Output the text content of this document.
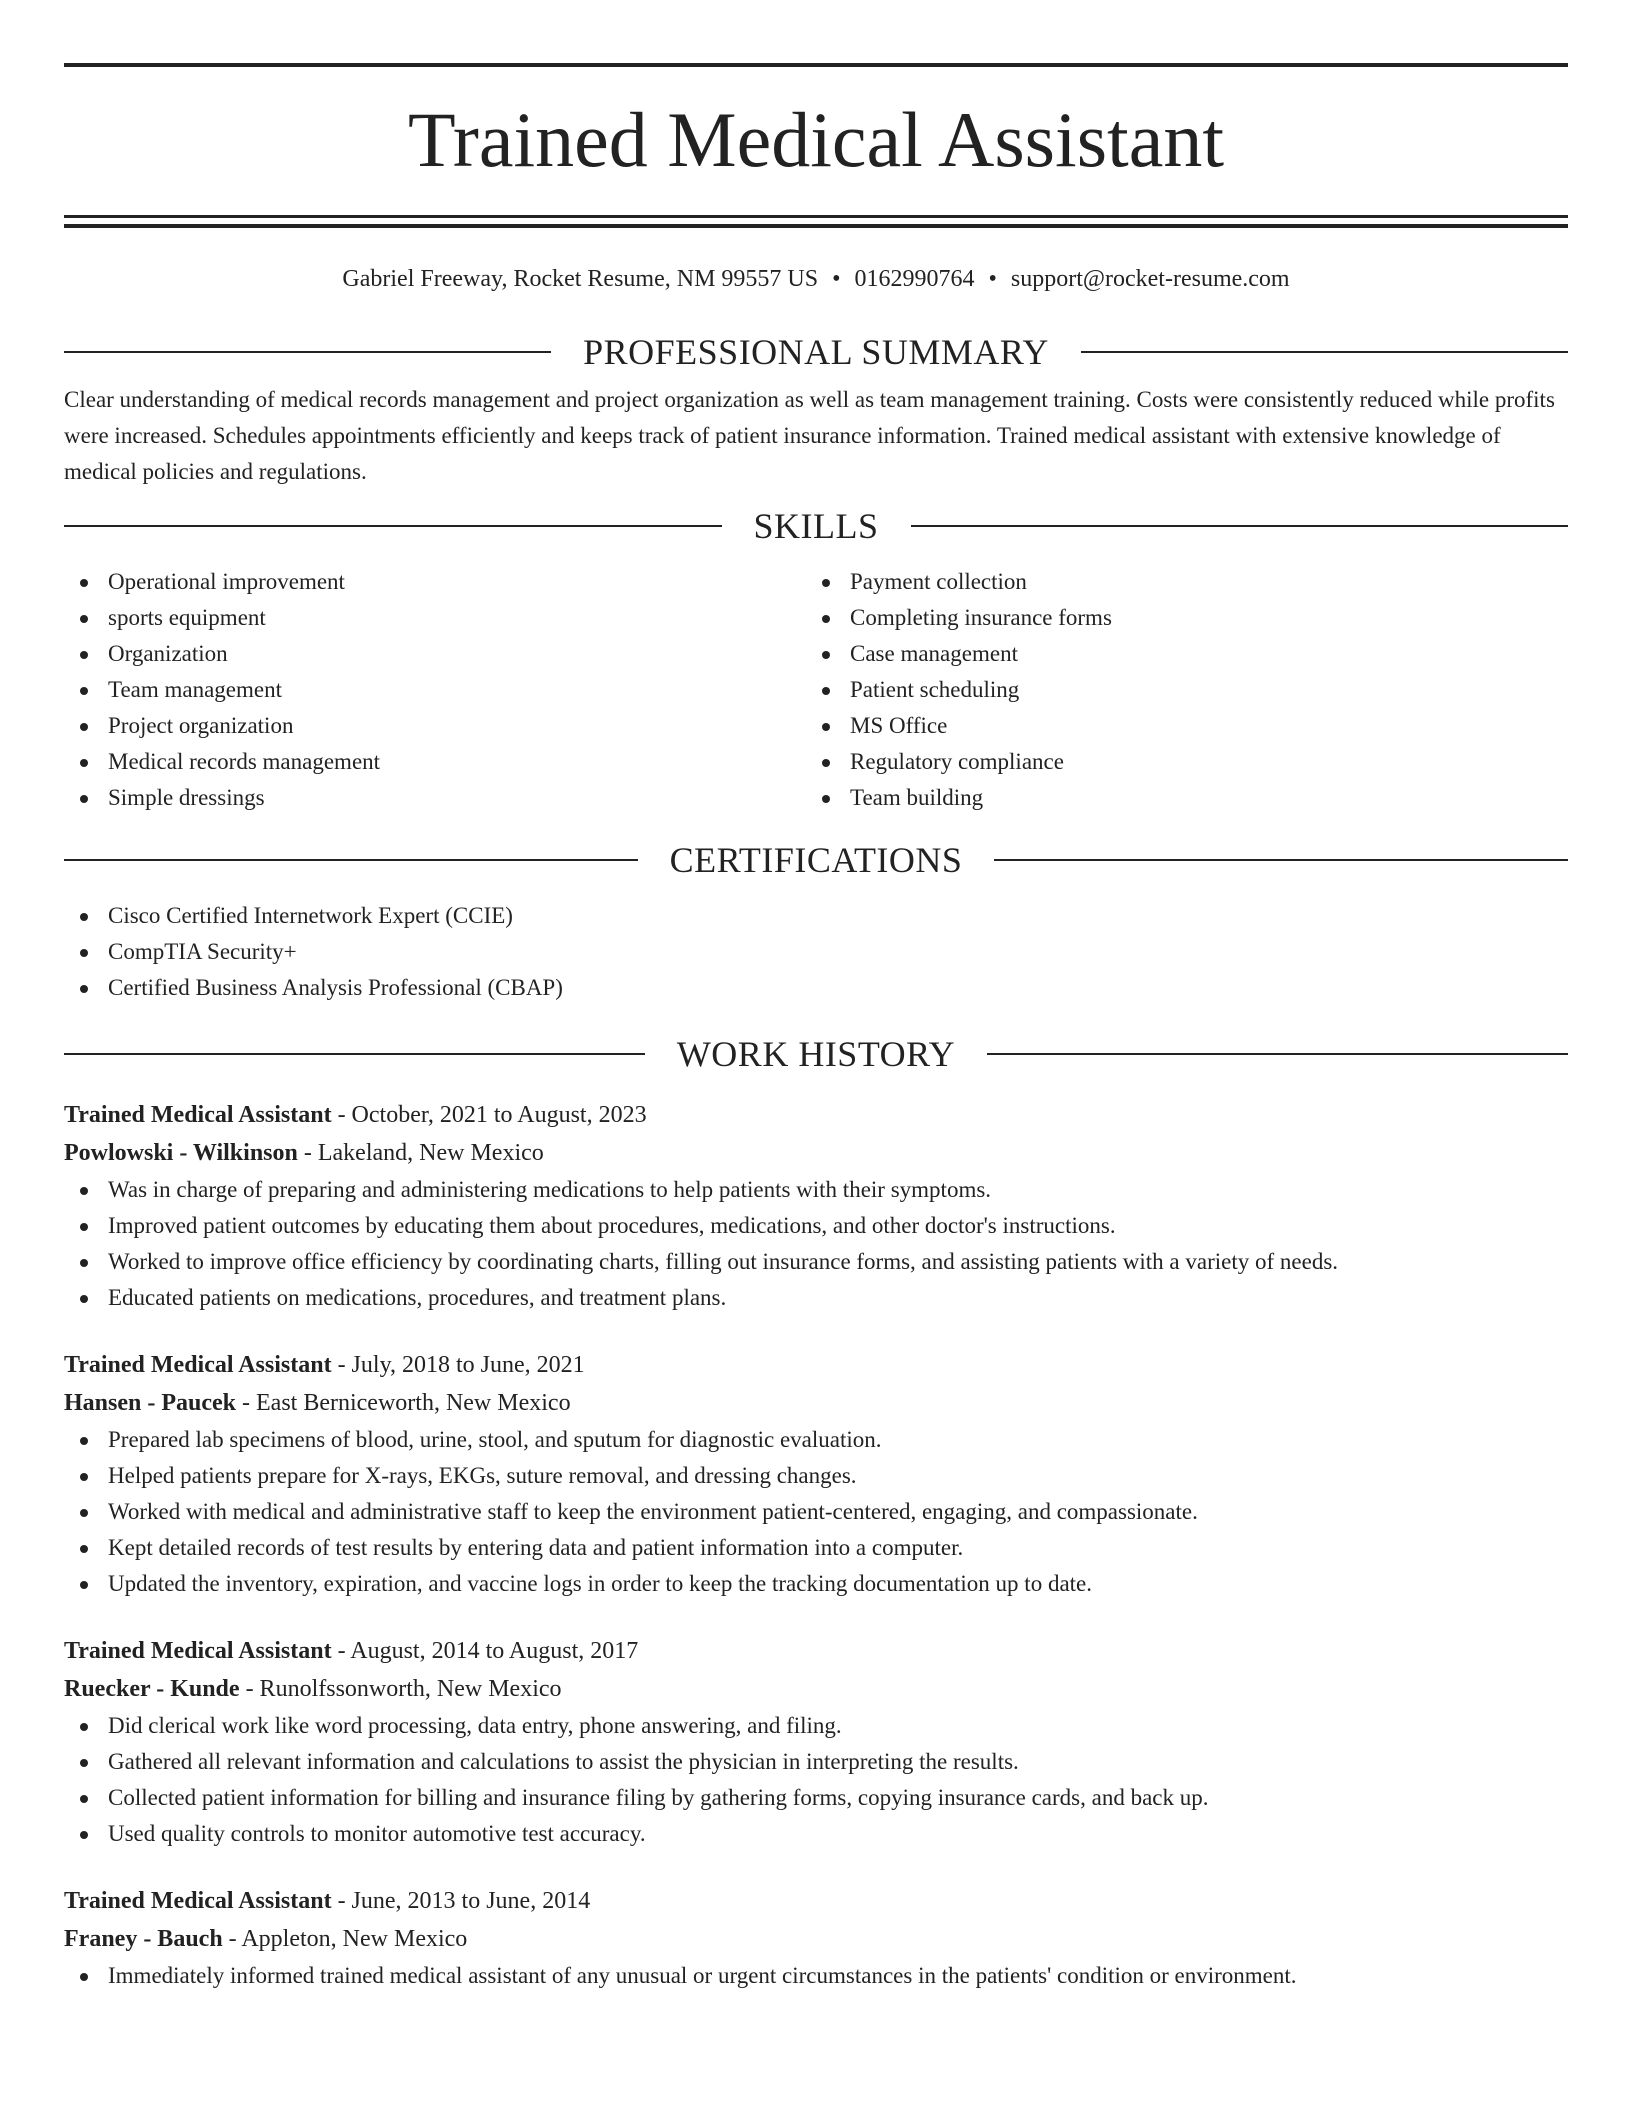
Trained Medical Assistant
Gabriel Freeway, Rocket Resume, NM 99557 US • 0162990764 • support@rocket-resume.com
PROFESSIONAL SUMMARY

Clear understanding of medical records management and project organization as well as team management training. Costs were consistently reduced while profits were increased. Schedules appointments efficiently and keeps track of patient insurance information. Trained medical assistant with extensive knowledge of medical policies and regulations.

SKILLS
Operational improvement
sports equipment
Organization
Team management
Project organization
Medical records management
Simple dressings
Payment collection
Completing insurance forms
Case management
Patient scheduling
MS Office
Regulatory compliance
Team building
CERTIFICATIONS
Cisco Certified Internetwork Expert (CCIE)
CompTIA Security+
Certified Business Analysis Professional (CBAP)
WORK HISTORY
Trained Medical Assistant - October, 2021 to August, 2023
Powlowski - Wilkinson - Lakeland, New Mexico
Was in charge of preparing and administering medications to help patients with their symptoms.
Improved patient outcomes by educating them about procedures, medications, and other doctor's instructions.
Worked to improve office efficiency by coordinating charts, filling out insurance forms, and assisting patients with a variety of needs.
Educated patients on medications, procedures, and treatment plans.
Trained Medical Assistant - July, 2018 to June, 2021
Hansen - Paucek - East Berniceworth, New Mexico
Prepared lab specimens of blood, urine, stool, and sputum for diagnostic evaluation.
Helped patients prepare for X-rays, EKGs, suture removal, and dressing changes.
Worked with medical and administrative staff to keep the environment patient-centered, engaging, and compassionate.
Kept detailed records of test results by entering data and patient information into a computer.
Updated the inventory, expiration, and vaccine logs in order to keep the tracking documentation up to date.
Trained Medical Assistant - August, 2014 to August, 2017
Ruecker - Kunde - Runolfssonworth, New Mexico
Did clerical work like word processing, data entry, phone answering, and filing.
Gathered all relevant information and calculations to assist the physician in interpreting the results.
Collected patient information for billing and insurance filing by gathering forms, copying insurance cards, and back up.
Used quality controls to monitor automotive test accuracy.
Trained Medical Assistant - June, 2013 to June, 2014
Franey - Bauch - Appleton, New Mexico
Immediately informed trained medical assistant of any unusual or urgent circumstances in the patients' condition or environment.
